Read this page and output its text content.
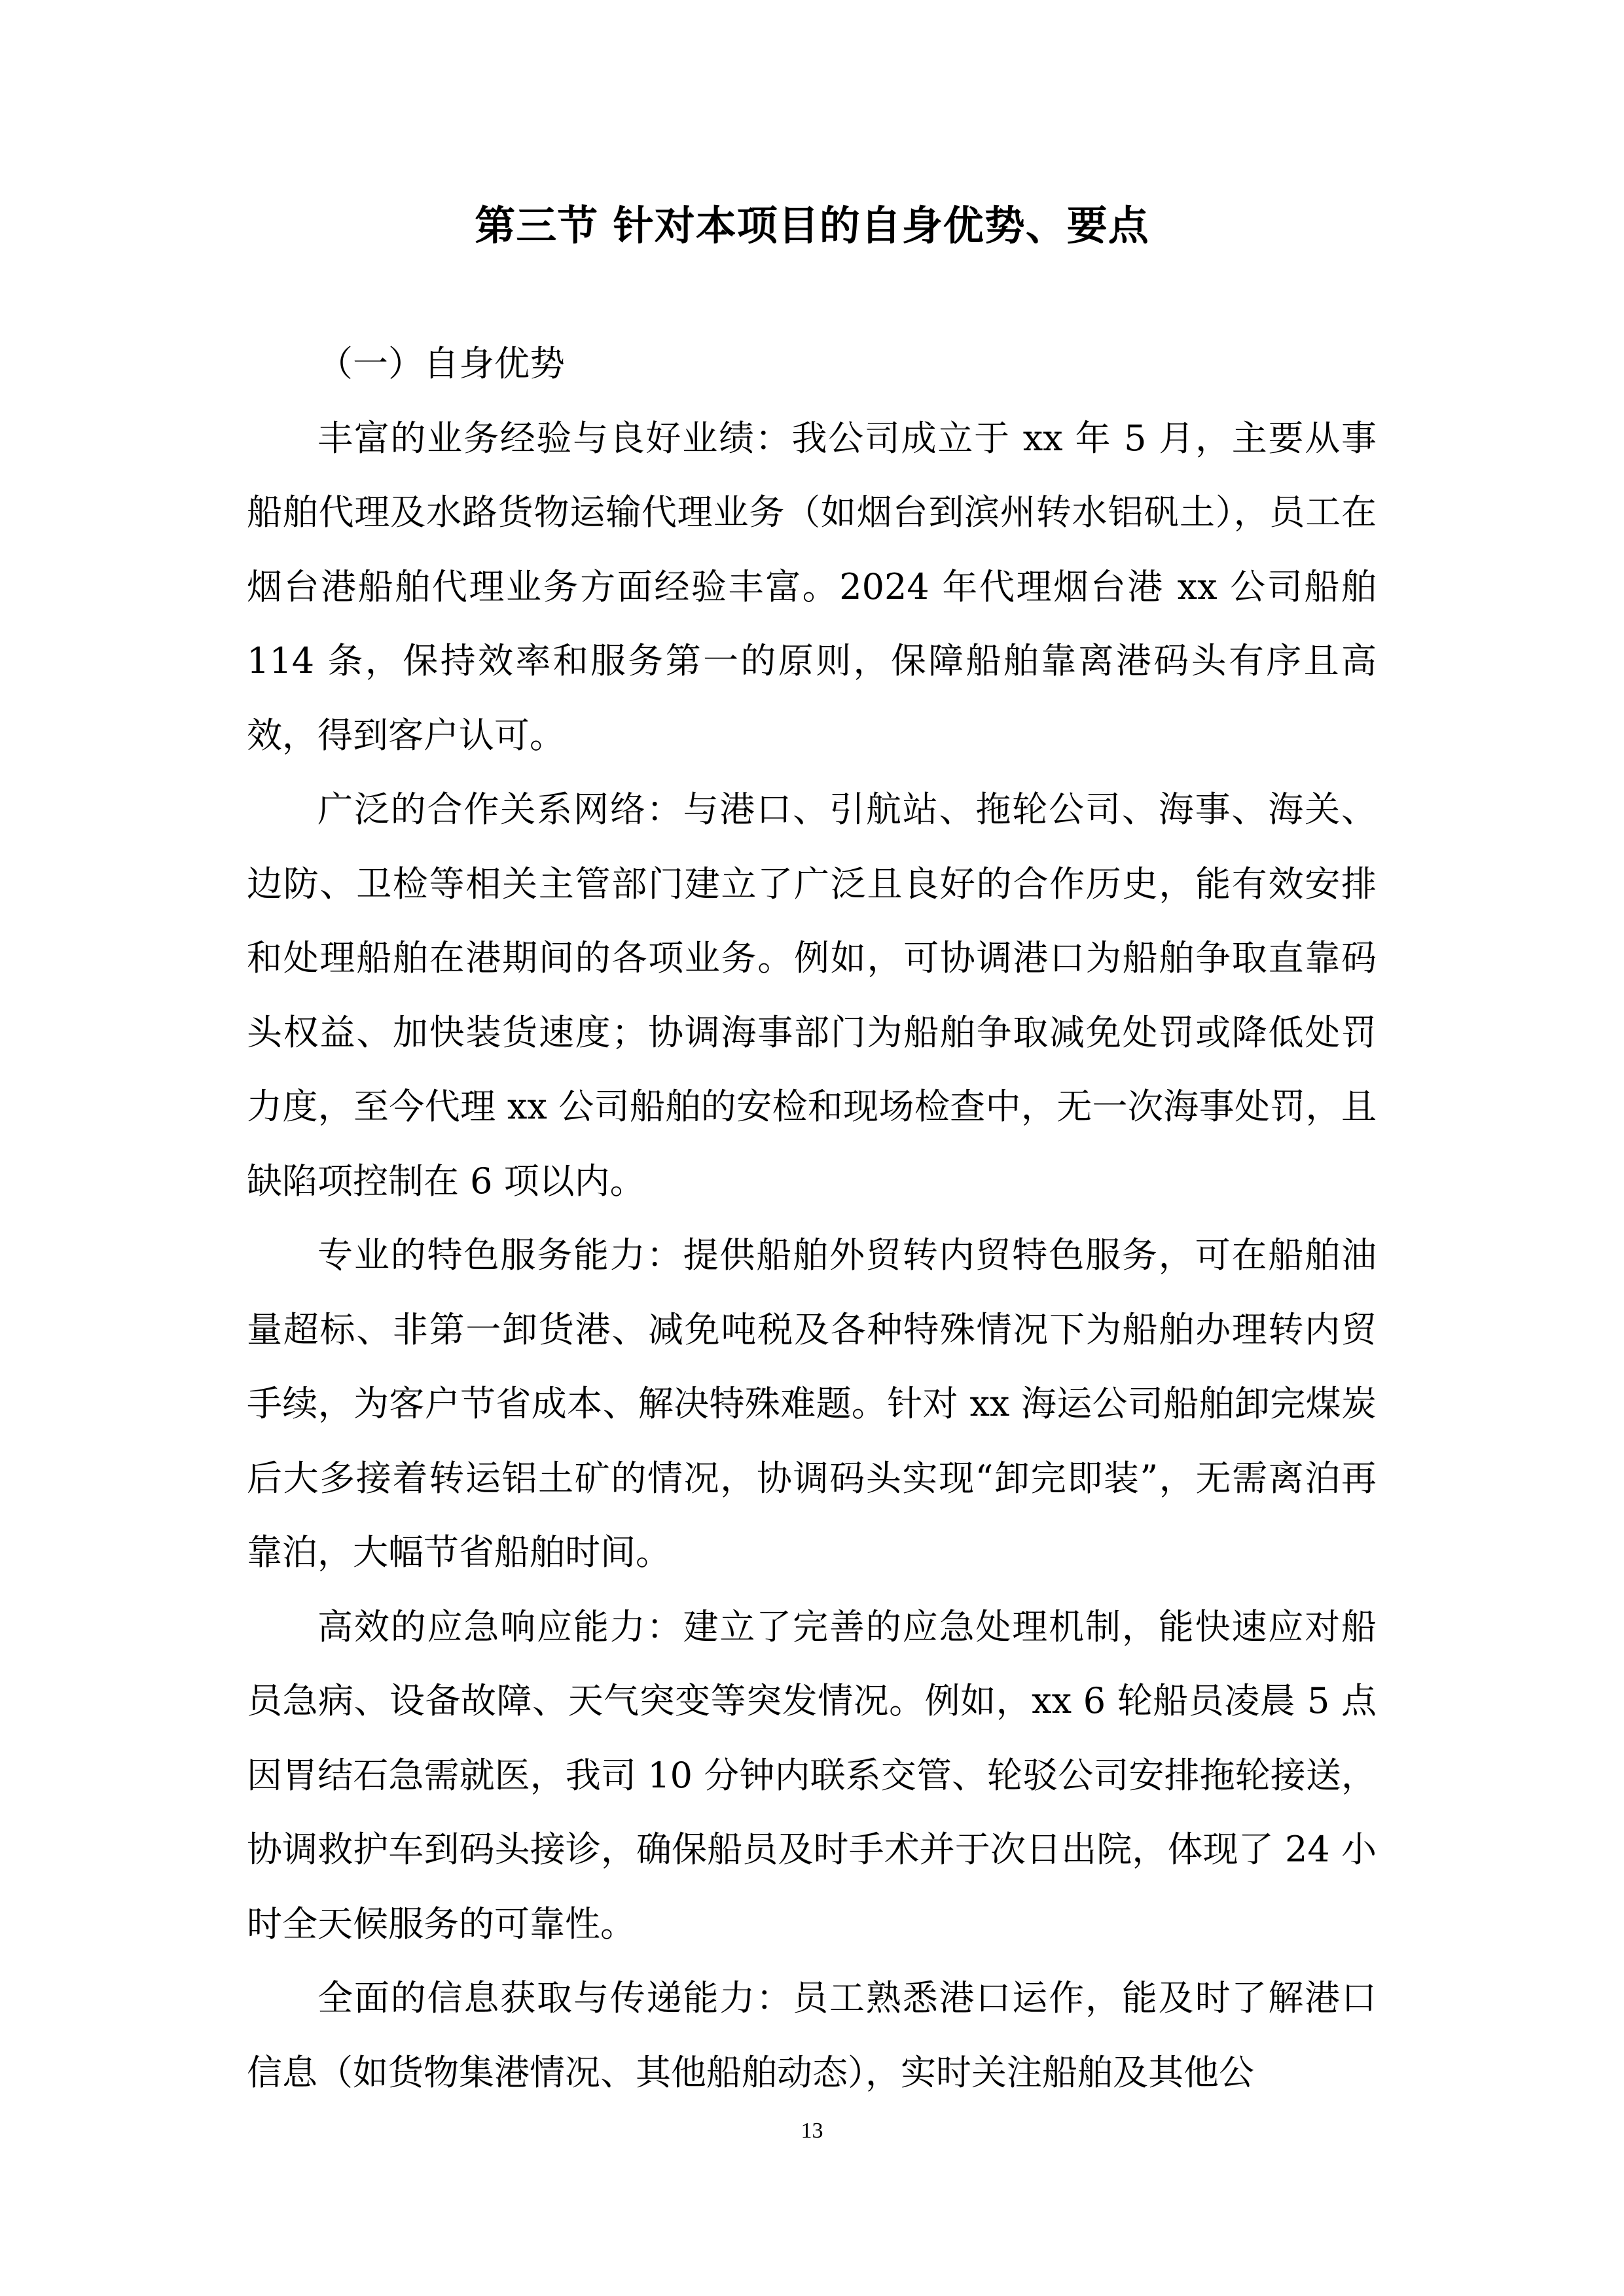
第三节 针对本项目的自身优势、要点

（一）自身优势

丰富的业务经验与良好业绩：我公司成立于 xx 年 5 月，主要从事船舶代理及水路货物运输代理业务（如烟台到滨州转水铝矾土），员工在烟台港船舶代理业务方面经验丰富。2024 年代理烟台港 xx 公司船舶 114 条，保持效率和服务第一的原则，保障船舶靠离港码头有序且高效，得到客户认可。

广泛的合作关系网络：与港口、引航站、拖轮公司、海事、海关、边防、卫检等相关主管部门建立了广泛且良好的合作历史，能有效安排和处理船舶在港期间的各项业务。例如，可协调港口为船舶争取直靠码头权益、加快装货速度；协调海事部门为船舶争取减免处罚或降低处罚力度，至今代理 xx 公司船舶的安检和现场检查中，无一次海事处罚，且缺陷项控制在 6 项以内。

专业的特色服务能力：提供船舶外贸转内贸特色服务，可在船舶油量超标、非第一卸货港、减免吨税及各种特殊情况下为船舶办理转内贸手续，为客户节省成本、解决特殊难题。针对 xx 海运公司船舶卸完煤炭后大多接着转运铝土矿的情况，协调码头实现“卸完即装”，无需离泊再靠泊，大幅节省船舶时间。

高效的应急响应能力：建立了完善的应急处理机制，能快速应对船员急病、设备故障、天气突变等突发情况。例如，xx 6 轮船员凌晨 5 点因胃结石急需就医，我司 10 分钟内联系交管、轮驳公司安排拖轮接送，协调救护车到码头接诊，确保船员及时手术并于次日出院，体现了 24 小时全天候服务的可靠性。

全面的信息获取与传递能力：员工熟悉港口运作，能及时了解港口信息（如货物集港情况、其他船舶动态），实时关注船舶及其他公

13
